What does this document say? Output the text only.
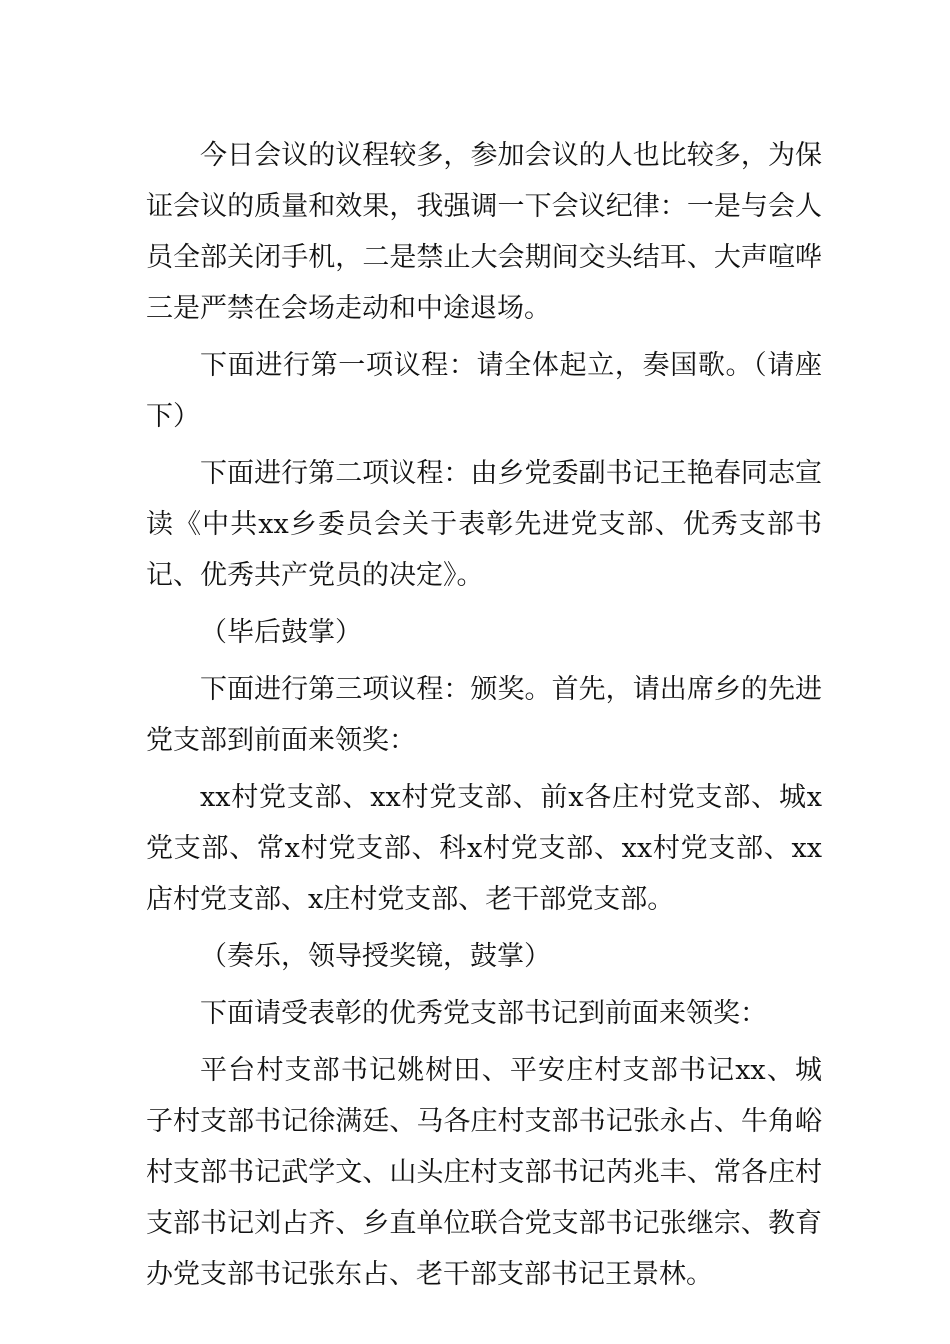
今日会议的议程较多，参加会议的人也比较多，为保证会议的质量和效果，我强调一下会议纪律：一是与会人员全部关闭手机，二是禁止大会期间交头结耳、大声喧哗三是严禁在会场走动和中途退场。

下面进行第一项议程：请全体起立，奏国歌。（请座下）

下面进行第二项议程：由乡党委副书记王艳春同志宣读《中共xx乡委员会关于表彰先进党支部、优秀支部书记、优秀共产党员的决定》。

（毕后鼓掌）

下面进行第三项议程：颁奖。首先，请出席乡的先进党支部到前面来领奖：

xx村党支部、xx村党支部、前x各庄村党支部、城x党支部、常x村党支部、科x村党支部、xx村党支部、xx店村党支部、x庄村党支部、老干部党支部。

（奏乐，领导授奖镜，鼓掌）

下面请受表彰的优秀党支部书记到前面来领奖：

平台村支部书记姚树田、平安庄村支部书记xx、城子村支部书记徐满廷、马各庄村支部书记张永占、牛角峪村支部书记武学文、山头庄村支部书记芮兆丰、常各庄村支部书记刘占齐、乡直单位联合党支部书记张继宗、教育办党支部书记张东占、老干部支部书记王景林。
